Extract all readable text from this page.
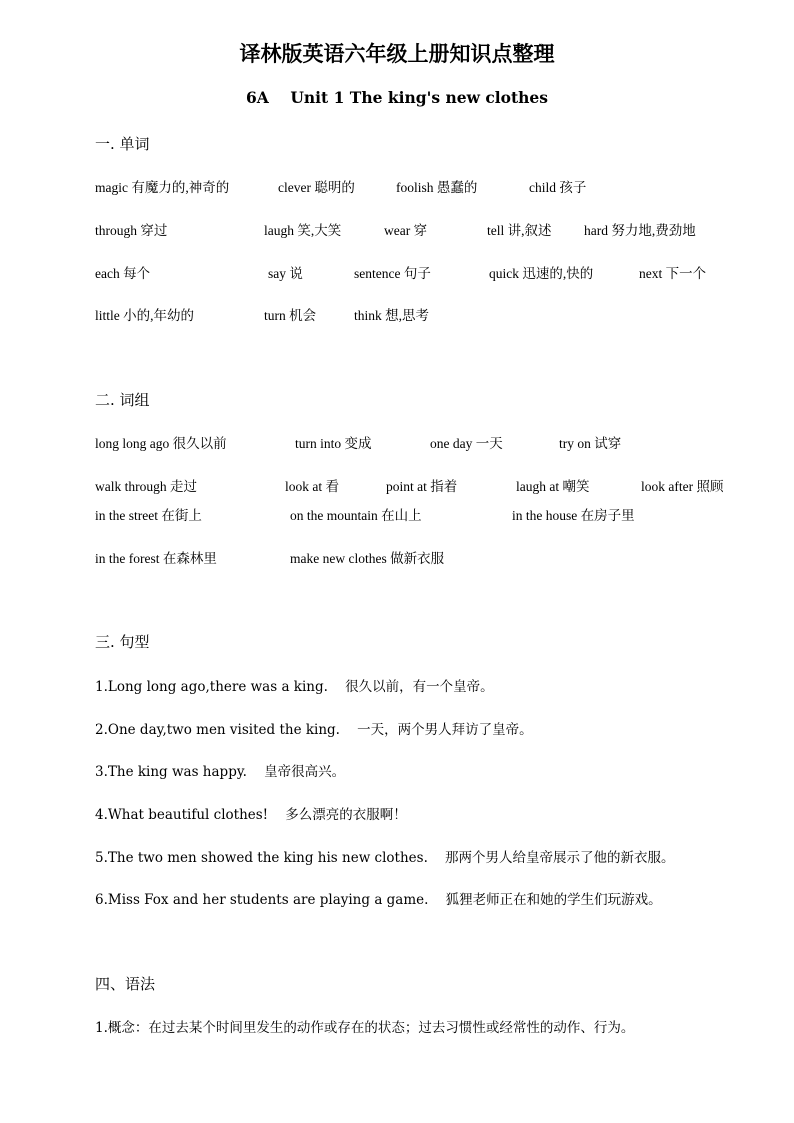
译林版英语六年级上册知识点整理
6A    Unit 1 The king's new clothes
一. 单词
magic 有魔力的,神奇的	clever 聪明的	foolish 愚蠢的	child 孩子
through 穿过	laugh 笑,大笑	wear 穿	tell 讲,叙述 hard 努力地,费劲地
each 每个	say 说	sentence 句子	quick 迅速的,快的	next 下一个
little 小的,年幼的	turn 机会	think 想,思考
二. 词组
long long ago 很久以前	turn into 变成	one day 一天	try on 试穿
walk through 走过	look at 看	point at 指着	laugh at 嘲笑	look after 照顾
in the street 在街上	on the mountain 在山上	in the house 在房子里
in the forest 在森林里	make new clothes 做新衣服
三. 句型
1.Long long ago,there was a king.    很久以前，有一个皇帝。
2.One day,two men visited the king.    一天，两个男人拜访了皇帝。
3.The king was happy.    皇帝很高兴。
4.What beautiful clothes!    多么漂亮的衣服啊！
5.The two men showed the king his new clothes.    那两个男人给皇帝展示了他的新衣服。
6.Miss Fox and her students are playing a game.    狐狸老师正在和她的学生们玩游戏。
四、语法
1.概念：在过去某个时间里发生的动作或存在的状态；过去习惯性或经常性的动作、行为。
